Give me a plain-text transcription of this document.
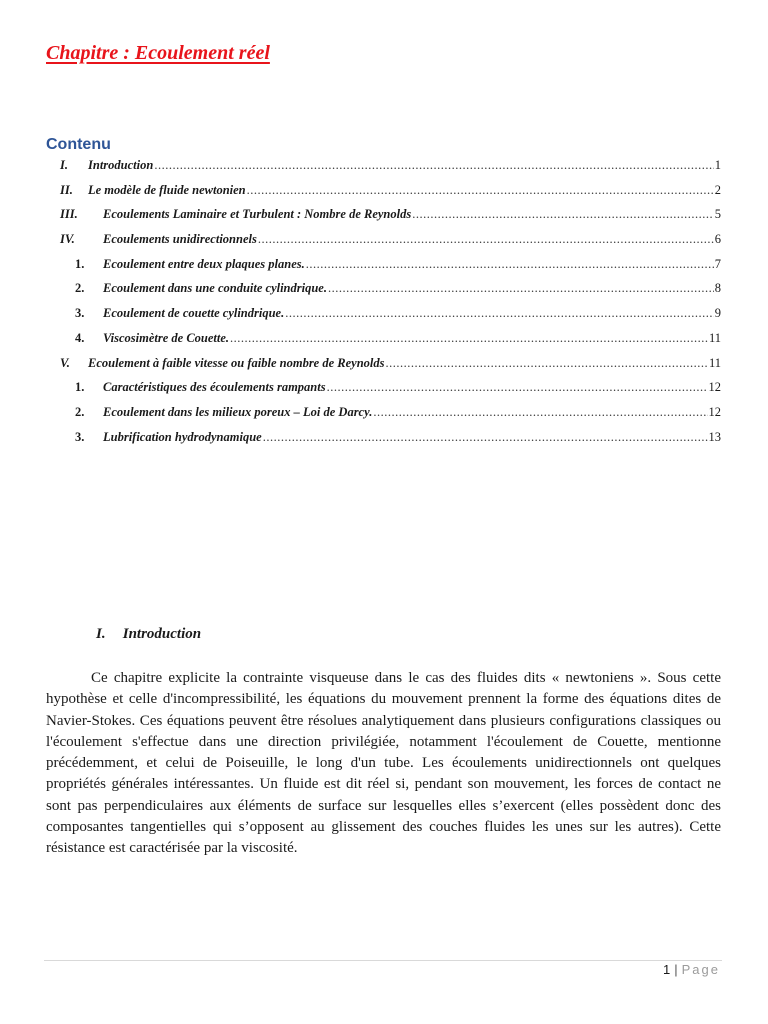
Chapitre : Ecoulement réel
Contenu
I.	Introduction .....	1
II.	Le modèle de fluide newtonien .....	2
III.	Ecoulements Laminaire et Turbulent : Nombre de Reynolds .....	5
IV.	Ecoulements unidirectionnels .....	6
1.	Ecoulement entre deux plaques planes. .....	7
2.	Ecoulement dans une conduite cylindrique. .....	8
3.	Ecoulement de couette cylindrique. .....	9
4.	Viscosimètre de Couette. .....	11
V.	Ecoulement à faible vitesse ou faible nombre de Reynolds .....	11
1.	Caractéristiques des écoulements rampants .....	12
2.	Ecoulement dans les milieux poreux – Loi de Darcy. .....	12
3.	Lubrification hydrodynamique .....	13
I. Introduction

Ce chapitre explicite la contrainte visqueuse dans le cas des fluides dits « newtoniens ». Sous cette hypothèse et celle d'incompressibilité, les équations du mouvement prennent la forme des équations dites de Navier-Stokes. Ces équations peuvent être résolues analytiquement dans plusieurs configurations classiques ou l'écoulement s'effectue dans une direction privilégiée, notamment l'écoulement de Couette, mentionne précédemment, et celui de Poiseuille, le long d'un tube. Les écoulements unidirectionnels ont quelques propriétés générales intéressantes. Un fluide est dit réel si, pendant son mouvement, les forces de contact ne sont pas perpendiculaires aux éléments de surface sur lesquelles elles s’exercent (elles possèdent donc des composantes tangentielles qui s’opposent au glissement des couches fluides les unes sur les autres). Cette résistance est caractérisée par la viscosité.

1 | Page
